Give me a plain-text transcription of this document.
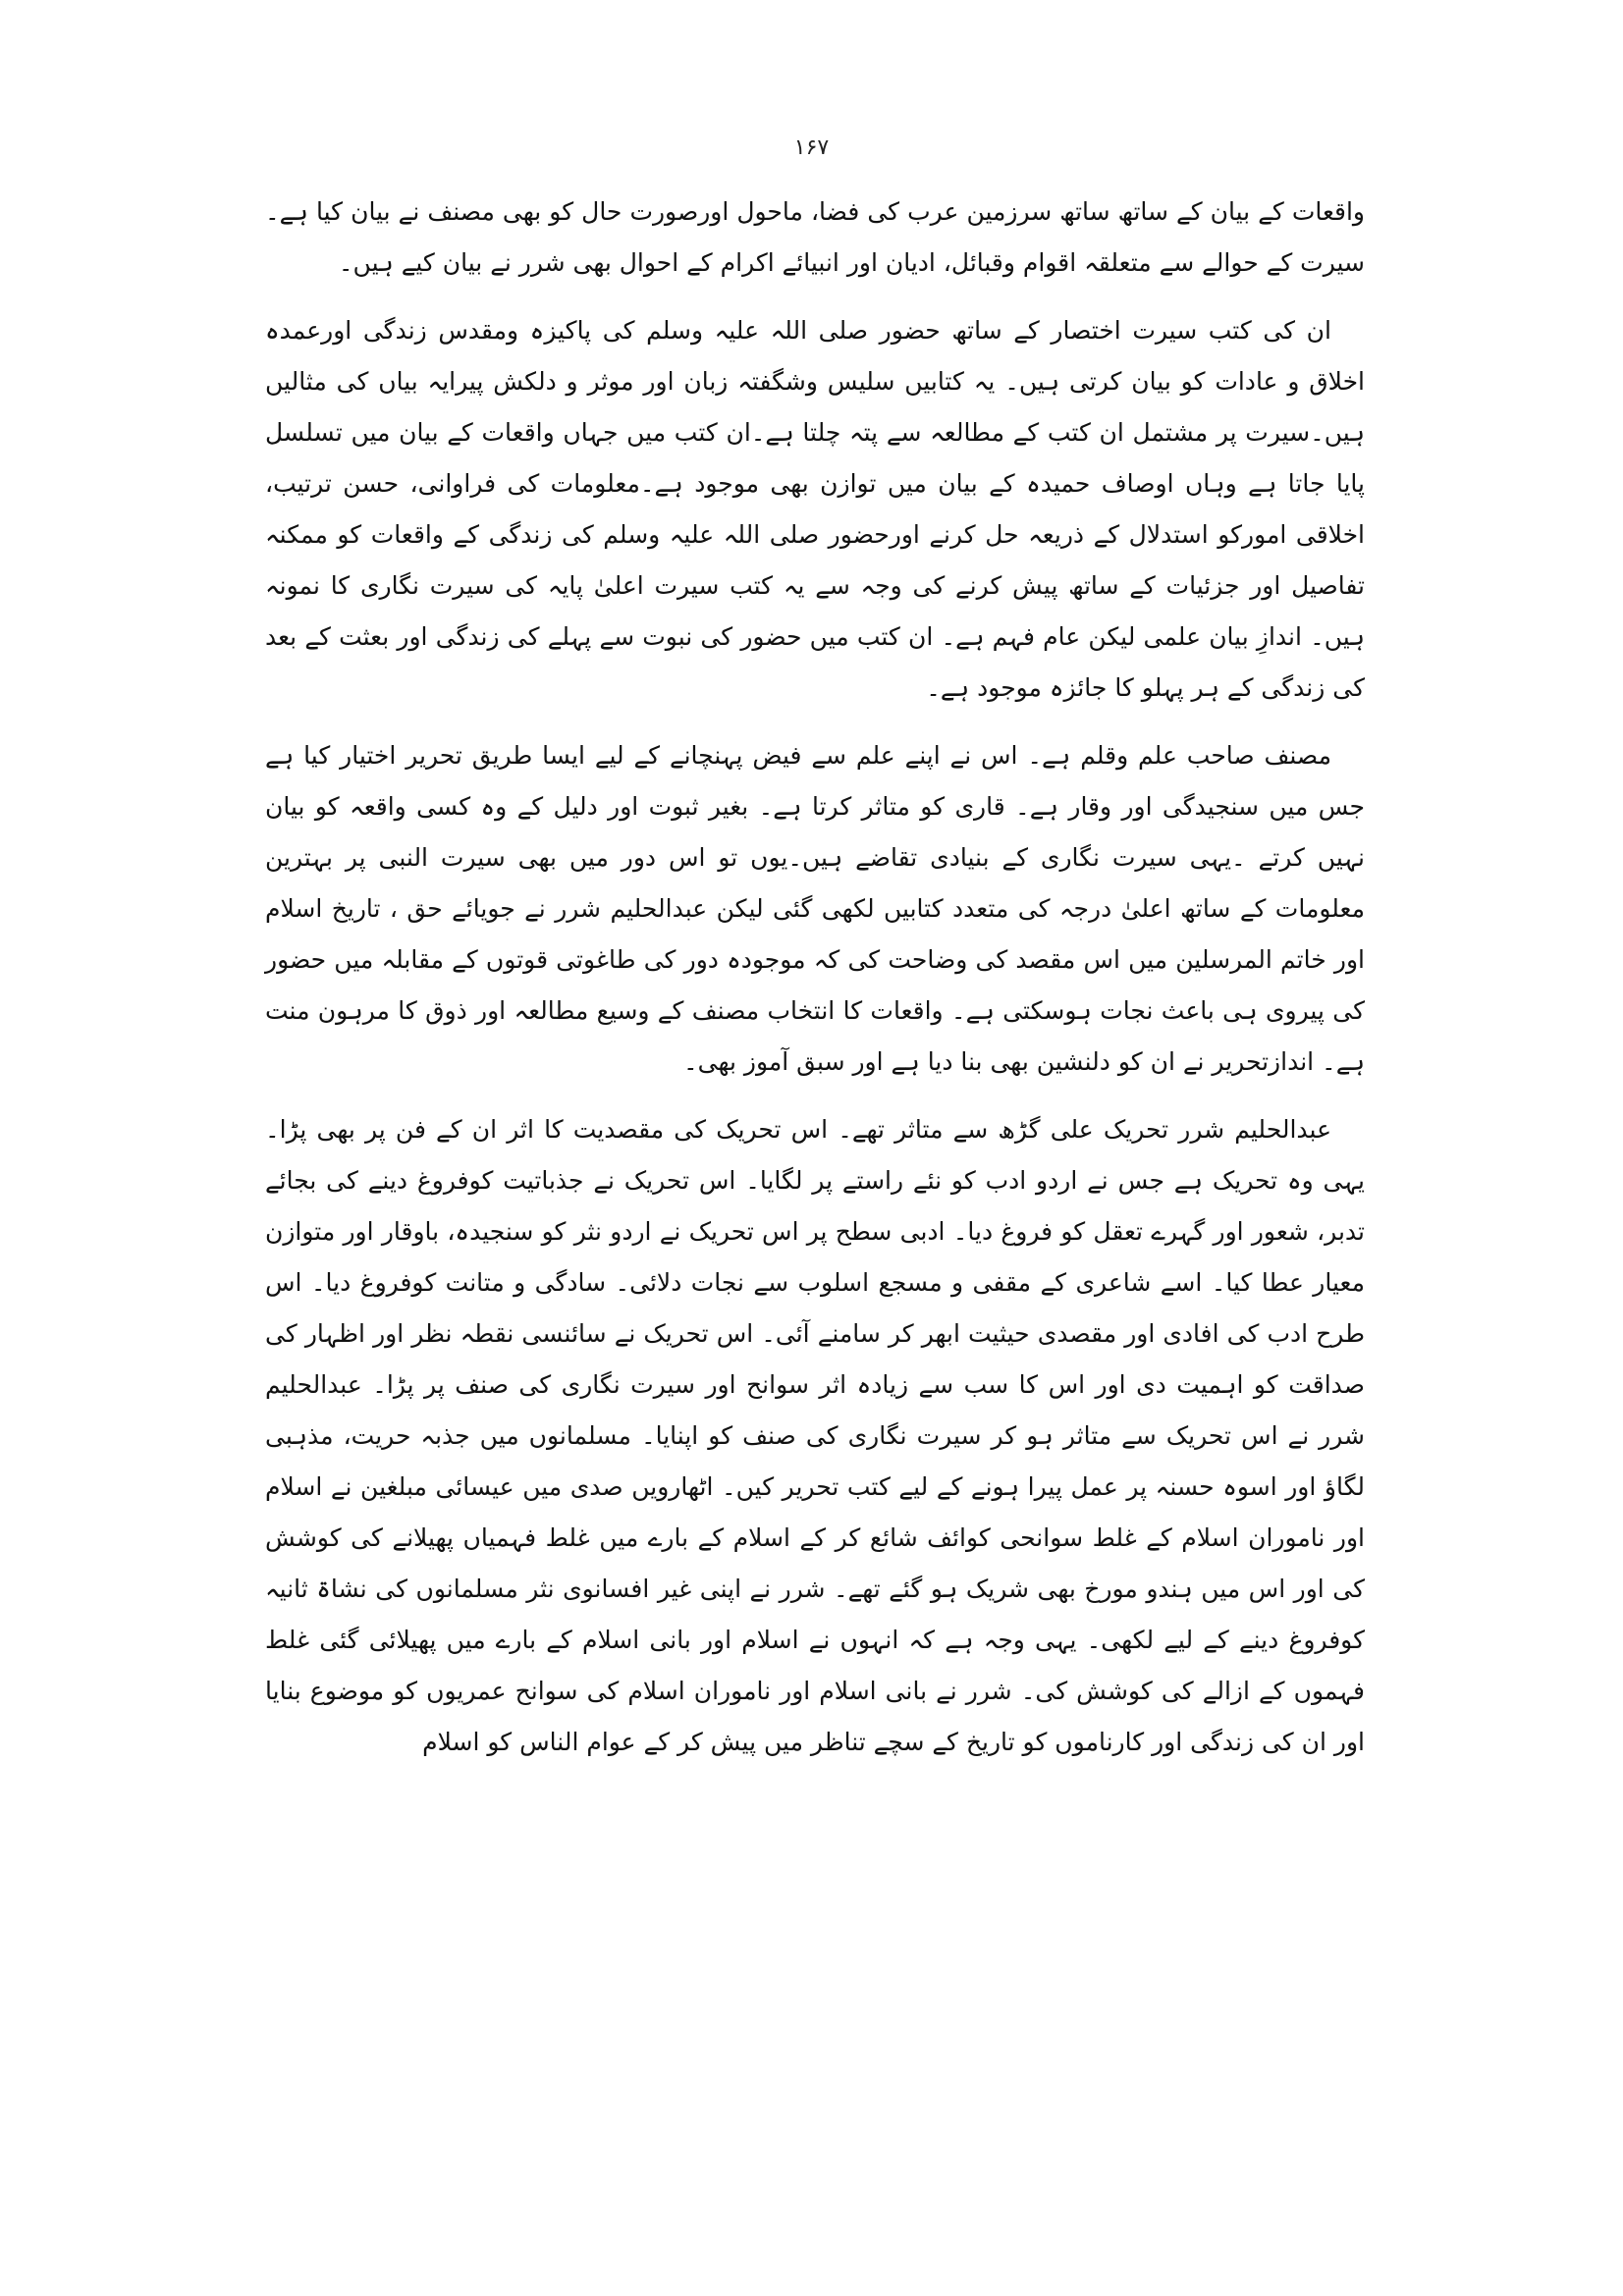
۱۶۷

واقعات کے بیان کے ساتھ ساتھ سرزمین عرب کی فضا، ماحول اورصورت حال کو بھی مصنف نے بیان کیا ہے۔سیرت کے حوالے سے متعلقہ اقوام وقبائل، ادیان اور انبیائے اکرام کے احوال بھی شرر نے بیان کیے ہیں۔

ان کی کتب سیرت اختصار کے ساتھ حضور صلی اللہ علیہ وسلم کی پاکیزہ ومقدس زندگی اورعمدہ اخلاق و عادات کو بیان کرتی ہیں۔ یہ کتابیں سلیس وشگفتہ زبان اور موثر و دلکش پیرایہ بیاں کی مثالیں ہیں۔سیرت پر مشتمل ان کتب کے مطالعہ سے پتہ چلتا ہے۔ان کتب میں جہاں واقعات کے بیان میں تسلسل پایا جاتا ہے وہاں اوصاف حمیدہ کے بیان میں توازن بھی موجود ہے۔معلومات کی فراوانی، حسن ترتیب، اخلاقی امورکو استدلال کے ذریعہ حل کرنے اورحضور صلی اللہ علیہ وسلم کی زندگی کے واقعات کو ممکنہ تفاصیل اور جزئیات کے ساتھ پیش کرنے کی وجہ سے یہ کتب سیرت اعلیٰ پایہ کی سیرت نگاری کا نمونہ ہیں۔ اندازِ بیان علمی لیکن عام فہم ہے۔ ان کتب میں حضور کی نبوت سے پہلے کی زندگی اور بعثت کے بعد کی زندگی کے ہر پہلو کا جائزہ موجود ہے۔

مصنف صاحب علم وقلم ہے۔ اس نے اپنے علم سے فیض پہنچانے کے لیے ایسا طریق تحریر اختیار کیا ہے جس میں سنجیدگی اور وقار ہے۔ قاری کو متاثر کرتا ہے۔ بغیر ثبوت اور دلیل کے وہ کسی واقعہ کو بیان نہیں کرتے ۔یہی سیرت نگاری کے بنیادی تقاضے ہیں۔یوں تو اس دور میں بھی سیرت النبی پر بہترین معلومات کے ساتھ اعلیٰ درجہ کی متعدد کتابیں لکھی گئی لیکن عبدالحلیم شرر نے جویائے حق ، تاریخ اسلام اور خاتم المرسلین میں اس مقصد کی وضاحت کی کہ موجودہ دور کی طاغوتی قوتوں کے مقابلہ میں حضور کی پیروی ہی باعث نجات ہوسکتی ہے۔ واقعات کا انتخاب مصنف کے وسیع مطالعہ اور ذوق کا مرہون منت ہے۔ اندازتحریر نے ان کو دلنشین بھی بنا دیا ہے اور سبق آموز بھی۔

عبدالحلیم شرر تحریک علی گڑھ سے متاثر تھے۔ اس تحریک کی مقصدیت کا اثر ان کے فن پر بھی پڑا۔ یہی وہ تحریک ہے جس نے اردو ادب کو نئے راستے پر لگایا۔ اس تحریک نے جذباتیت کوفروغ دینے کی بجائے تدبر، شعور اور گہرے تعقل کو فروغ دیا۔ ادبی سطح پر اس تحریک نے اردو نثر کو سنجیدہ، باوقار اور متوازن معیار عطا کیا۔ اسے شاعری کے مقفی و مسجع اسلوب سے نجات دلائی۔ سادگی و متانت کوفروغ دیا۔ اس طرح ادب کی افادی اور مقصدی حیثیت ابھر کر سامنے آئی۔ اس تحریک نے سائنسی نقطہ نظر اور اظہار کی صداقت کو اہمیت دی اور اس کا سب سے زیادہ اثر سوانح اور سیرت نگاری کی صنف پر پڑا۔ عبدالحلیم شرر نے اس تحریک سے متاثر ہو کر سیرت نگاری کی صنف کو اپنایا۔ مسلمانوں میں جذبہ حریت، مذہبی لگاؤ اور اسوہ حسنہ پر عمل پیرا ہونے کے لیے کتب تحریر کیں۔ اٹھارویں صدی میں عیسائی مبلغین نے اسلام اور ناموران اسلام کے غلط سوانحی کوائف شائع کر کے اسلام کے بارے میں غلط فہمیاں پھیلانے کی کوشش کی اور اس میں ہندو مورخ بھی شریک ہو گئے تھے۔ شرر نے اپنی غیر افسانوی نثر مسلمانوں کی نشاۃ ثانیہ کوفروغ دینے کے لیے لکھی۔ یہی وجہ ہے کہ انہوں نے اسلام اور بانی اسلام کے بارے میں پھیلائی گئی غلط فہموں کے ازالے کی کوشش کی۔ شرر نے بانی اسلام اور ناموران اسلام کی سوانح عمریوں کو موضوع بنایا اور ان کی زندگی اور کارناموں کو تاریخ کے سچے تناظر میں پیش کر کے عوام الناس کو اسلام
